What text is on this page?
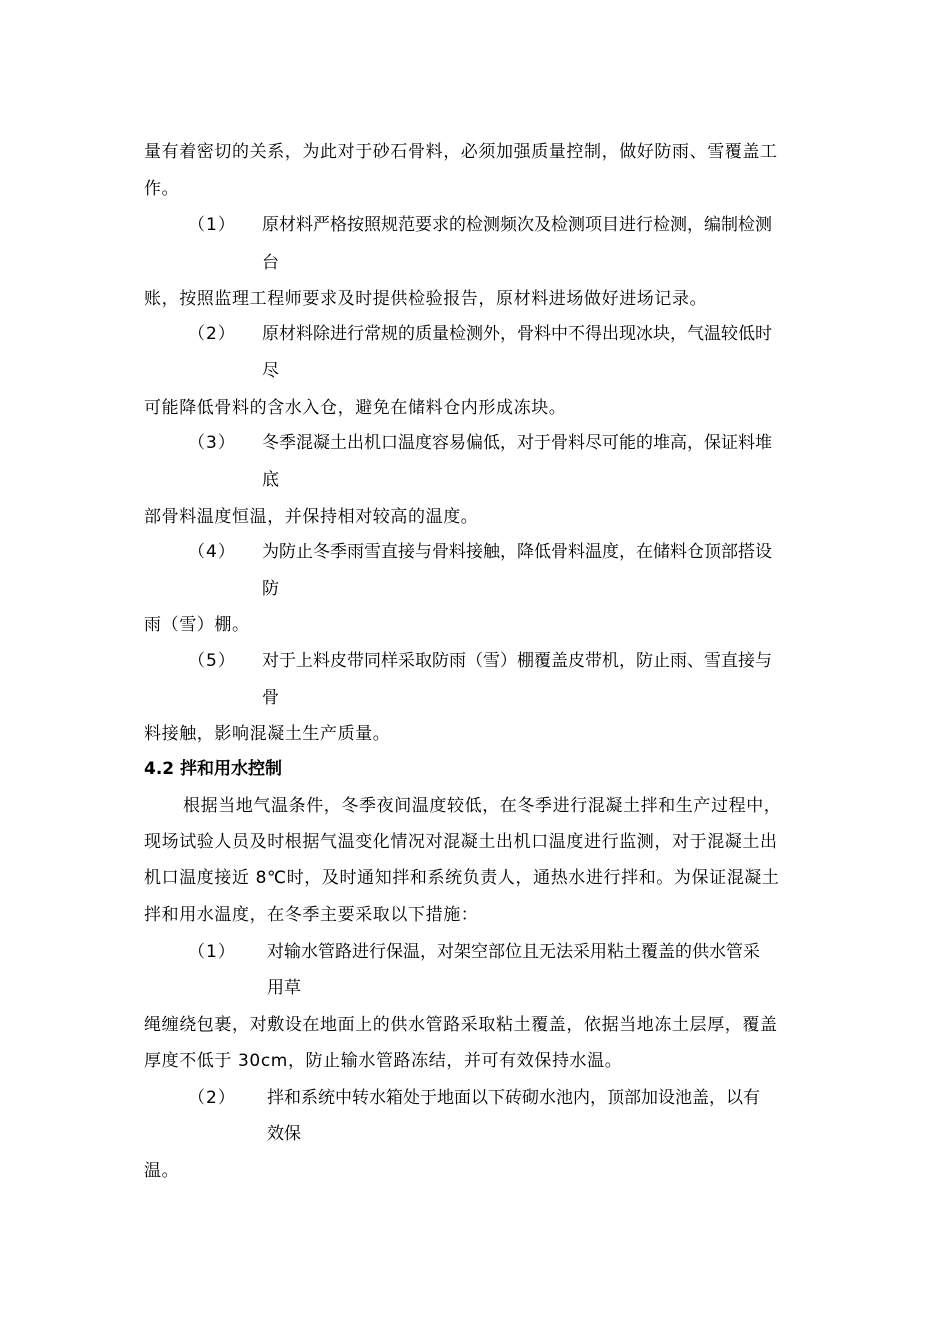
量有着密切的关系，为此对于砂石骨料，必须加强质量控制，做好防雨、雪覆盖工
作。
（1） 原材料严格按照规范要求的检测频次及检测项目进行检测，编制检测
台
账，按照监理工程师要求及时提供检验报告，原材料进场做好进场记录。
（2） 原材料除进行常规的质量检测外，骨料中不得出现冰块，气温较低时
尽
可能降低骨料的含水入仓，避免在储料仓内形成冻块。
（3） 冬季混凝土出机口温度容易偏低，对于骨料尽可能的堆高，保证料堆
底
部骨料温度恒温，并保持相对较高的温度。
（4） 为防止冬季雨雪直接与骨料接触，降低骨料温度，在储料仓顶部搭设
防
雨（雪）棚。
（5） 对于上料皮带同样采取防雨（雪）棚覆盖皮带机，防止雨、雪直接与
骨
料接触，影响混凝土生产质量。
4.2 拌和用水控制
根据当地气温条件，冬季夜间温度较低，在冬季进行混凝土拌和生产过程中，
现场试验人员及时根据气温变化情况对混凝土出机口温度进行监测，对于混凝土出
机口温度接近 8℃时，及时通知拌和系统负责人，通热水进行拌和。为保证混凝土
拌和用水温度，在冬季主要采取以下措施：
（1） 对输水管路进行保温，对架空部位且无法采用粘土覆盖的供水管采
用草
绳缠绕包裹，对敷设在地面上的供水管路采取粘土覆盖，依据当地冻土层厚，覆盖
厚度不低于 30cm，防止输水管路冻结，并可有效保持水温。
（2） 拌和系统中转水箱处于地面以下砖砌水池内，顶部加设池盖，以有
效保
温。
